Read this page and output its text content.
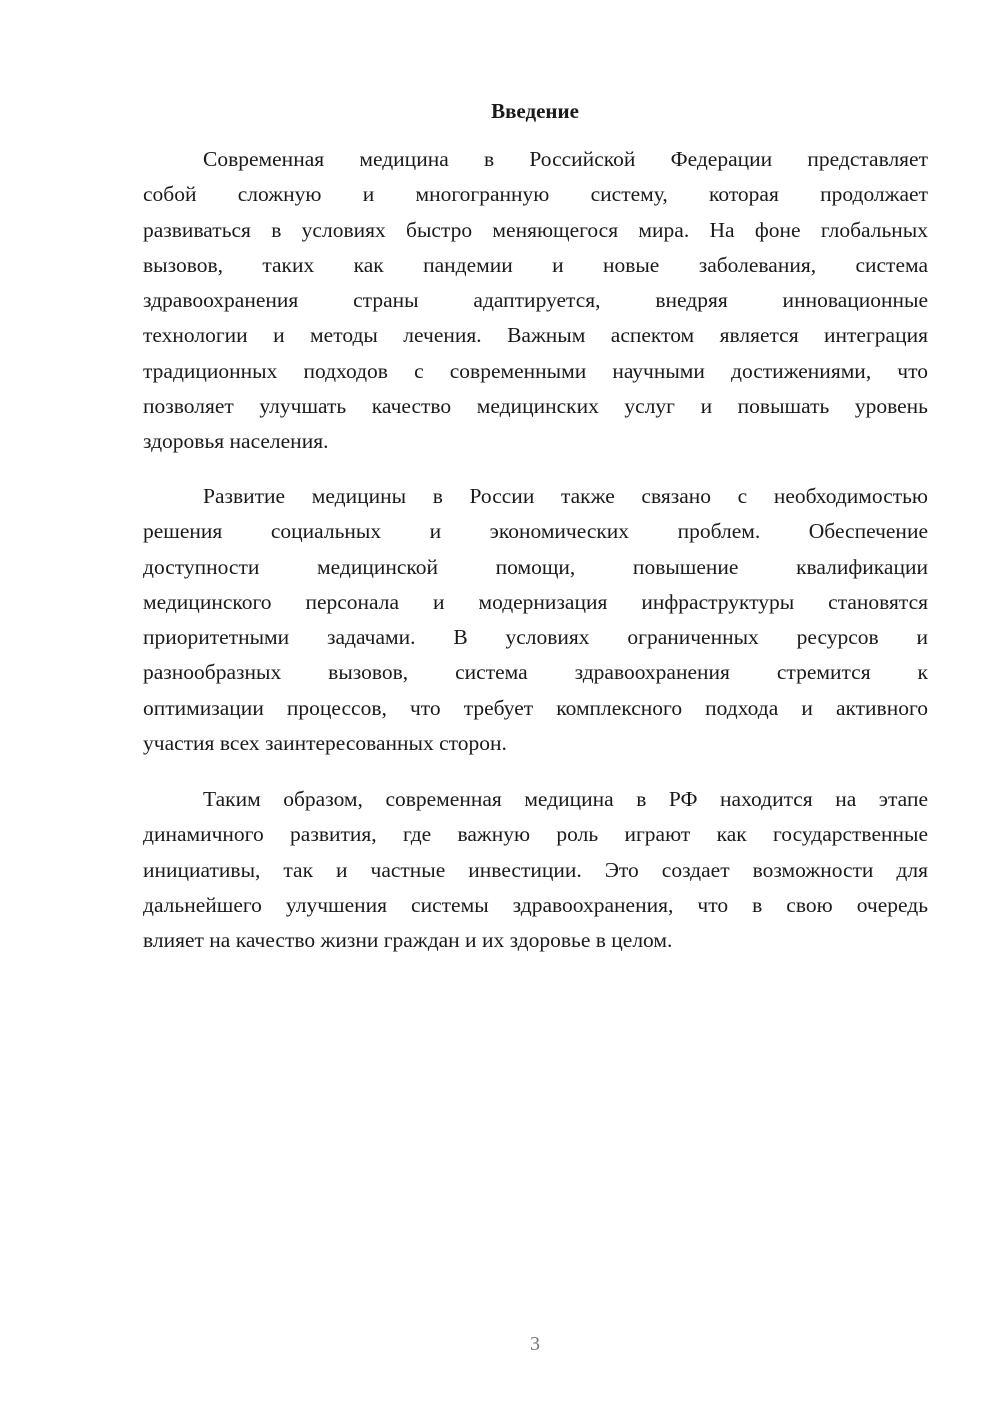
Введение
Современная медицина в Российской Федерации представляет
собой сложную и многогранную систему, которая продолжает
развиваться в условиях быстро меняющегося мира. На фоне глобальных
вызовов, таких как пандемии и новые заболевания, система
здравоохранения страны адаптируется, внедряя инновационные
технологии и методы лечения. Важным аспектом является интеграция
традиционных подходов с современными научными достижениями, что
позволяет улучшать качество медицинских услуг и повышать уровень
здоровья населения.
Развитие медицины в России также связано с необходимостью
решения социальных и экономических проблем. Обеспечение
доступности медицинской помощи, повышение квалификации
медицинского персонала и модернизация инфраструктуры становятся
приоритетными задачами. В условиях ограниченных ресурсов и
разнообразных вызовов, система здравоохранения стремится к
оптимизации процессов, что требует комплексного подхода и активного
участия всех заинтересованных сторон.
Таким образом, современная медицина в РФ находится на этапе
динамичного развития, где важную роль играют как государственные
инициативы, так и частные инвестиции. Это создает возможности для
дальнейшего улучшения системы здравоохранения, что в свою очередь
влияет на качество жизни граждан и их здоровье в целом.
3
